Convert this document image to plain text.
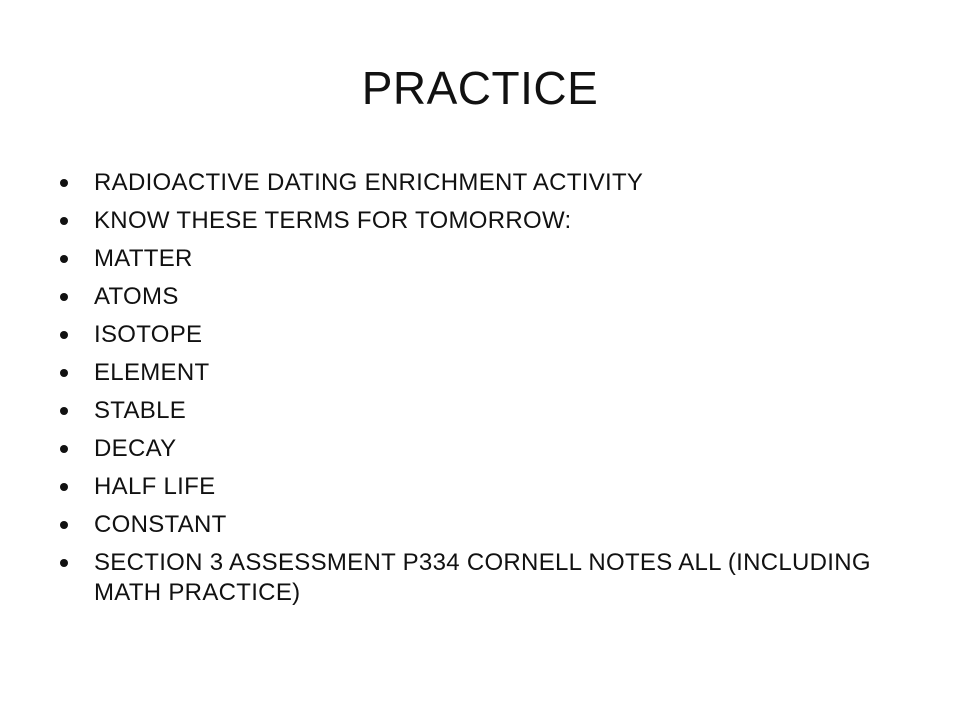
PRACTICE
RADIOACTIVE DATING ENRICHMENT ACTIVITY
KNOW THESE TERMS FOR TOMORROW:
MATTER
ATOMS
ISOTOPE
ELEMENT
STABLE
DECAY
HALF LIFE
CONSTANT
SECTION 3 ASSESSMENT P334 CORNELL NOTES ALL (INCLUDING MATH PRACTICE)
